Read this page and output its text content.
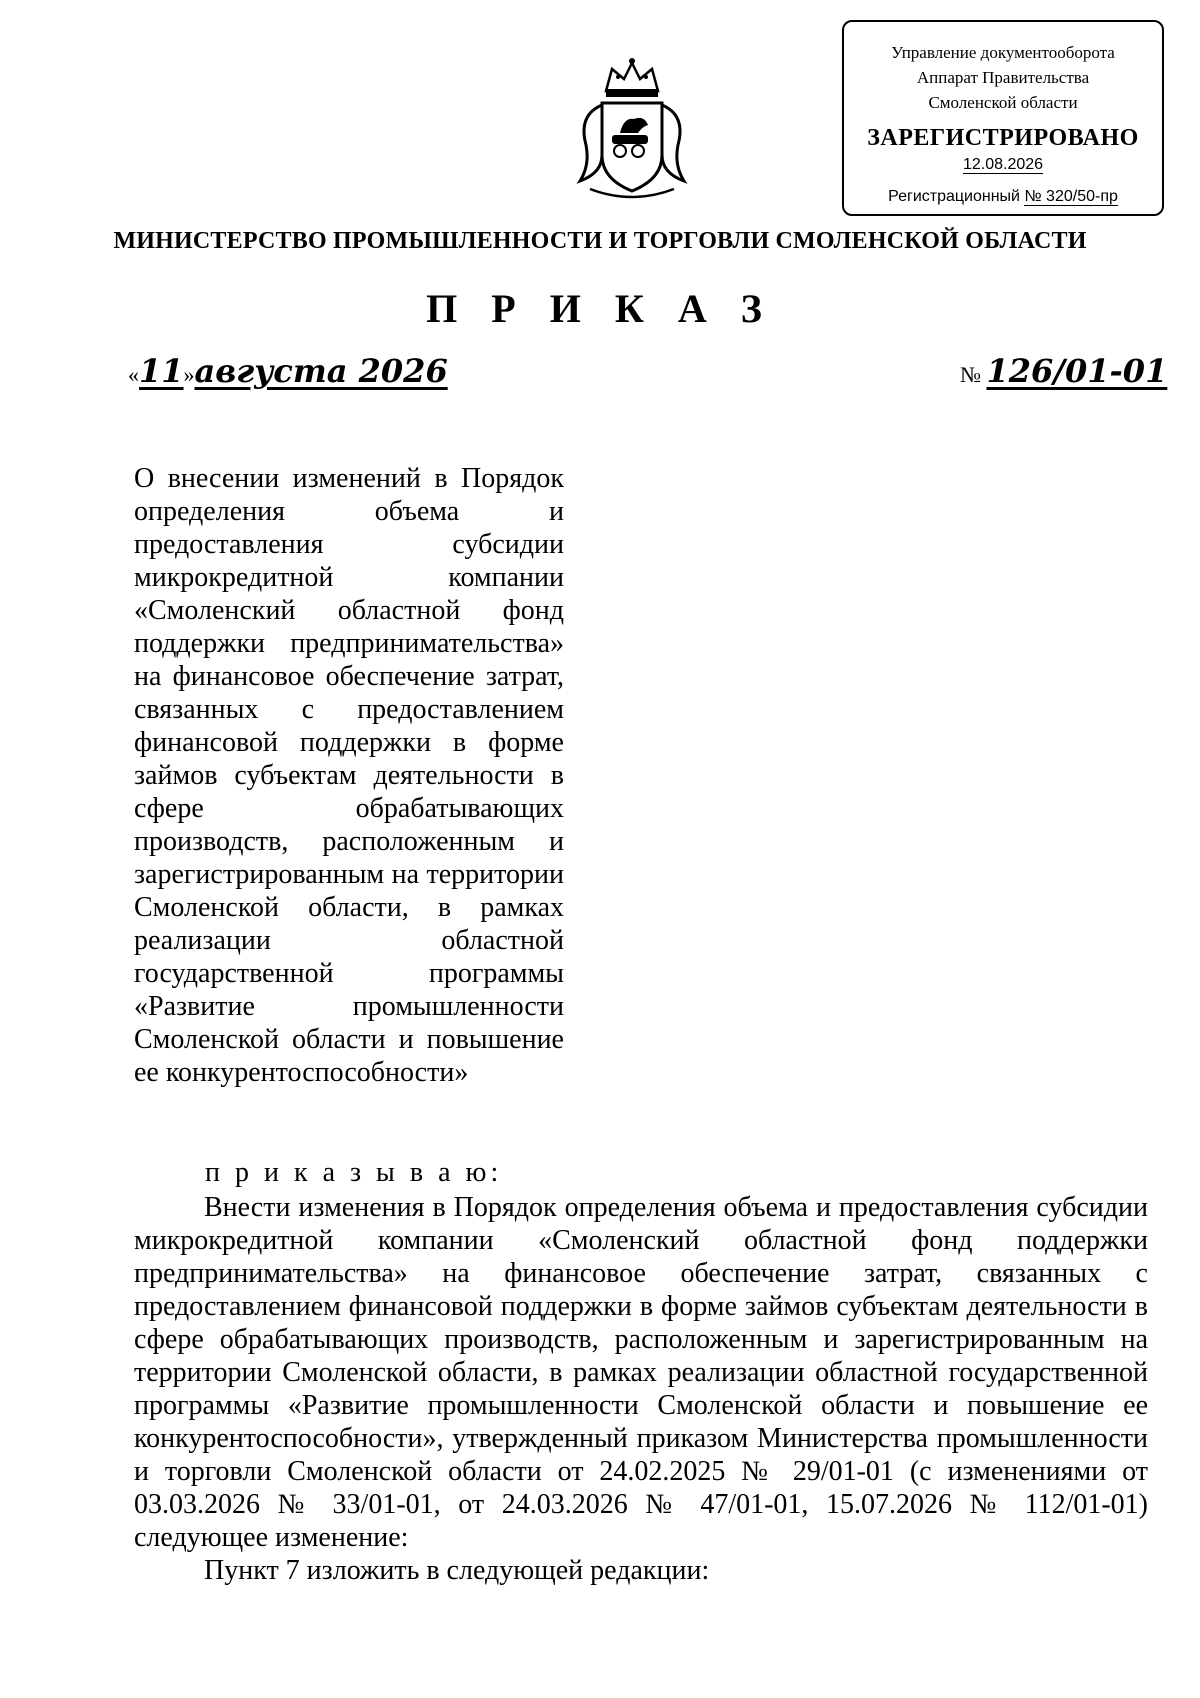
Управление документооборота
Аппарат Правительства
Смоленской области
ЗАРЕГИСТРИРОВАНО
12.08.2026
Регистрационный № 320/50-пр
МИНИСТЕРСТВО ПРОМЫШЛЕННОСТИ И ТОРГОВЛИ СМОЛЕНСКОЙ ОБЛАСТИ
П Р И К А З
«11»августа 2026	№ 126/01-01
О внесении изменений в Порядок определения объема и предоставления субсидии микрокредитной компании «Смоленский областной фонд поддержки предпринимательства» на финансовое обеспечение затрат, связанных с предоставлением финансовой поддержки в форме займов субъектам деятельности в сфере обрабатывающих производств, расположенным и зарегистрированным на территории Смоленской области, в рамках реализации областной государственной программы «Развитие промышленности Смоленской области и повышение ее конкурентоспособности»
п р и к а з ы в а ю:

Внести изменения в Порядок определения объема и предоставления субсидии микрокредитной компании «Смоленский областной фонд поддержки предпринимательства» на финансовое обеспечение затрат, связанных с предоставлением финансовой поддержки в форме займов субъектам деятельности в сфере обрабатывающих производств, расположенным и зарегистрированным на территории Смоленской области, в рамках реализации областной государственной программы «Развитие промышленности Смоленской области и повышение ее конкурентоспособности», утвержденный приказом Министерства промышленности и торговли Смоленской области от 24.02.2025 № 29/01-01 (с изменениями от 03.03.2026 № 33/01-01, от 24.03.2026 № 47/01-01, 15.07.2026 № 112/01-01) следующее изменение:

Пункт 7 изложить в следующей редакции:
